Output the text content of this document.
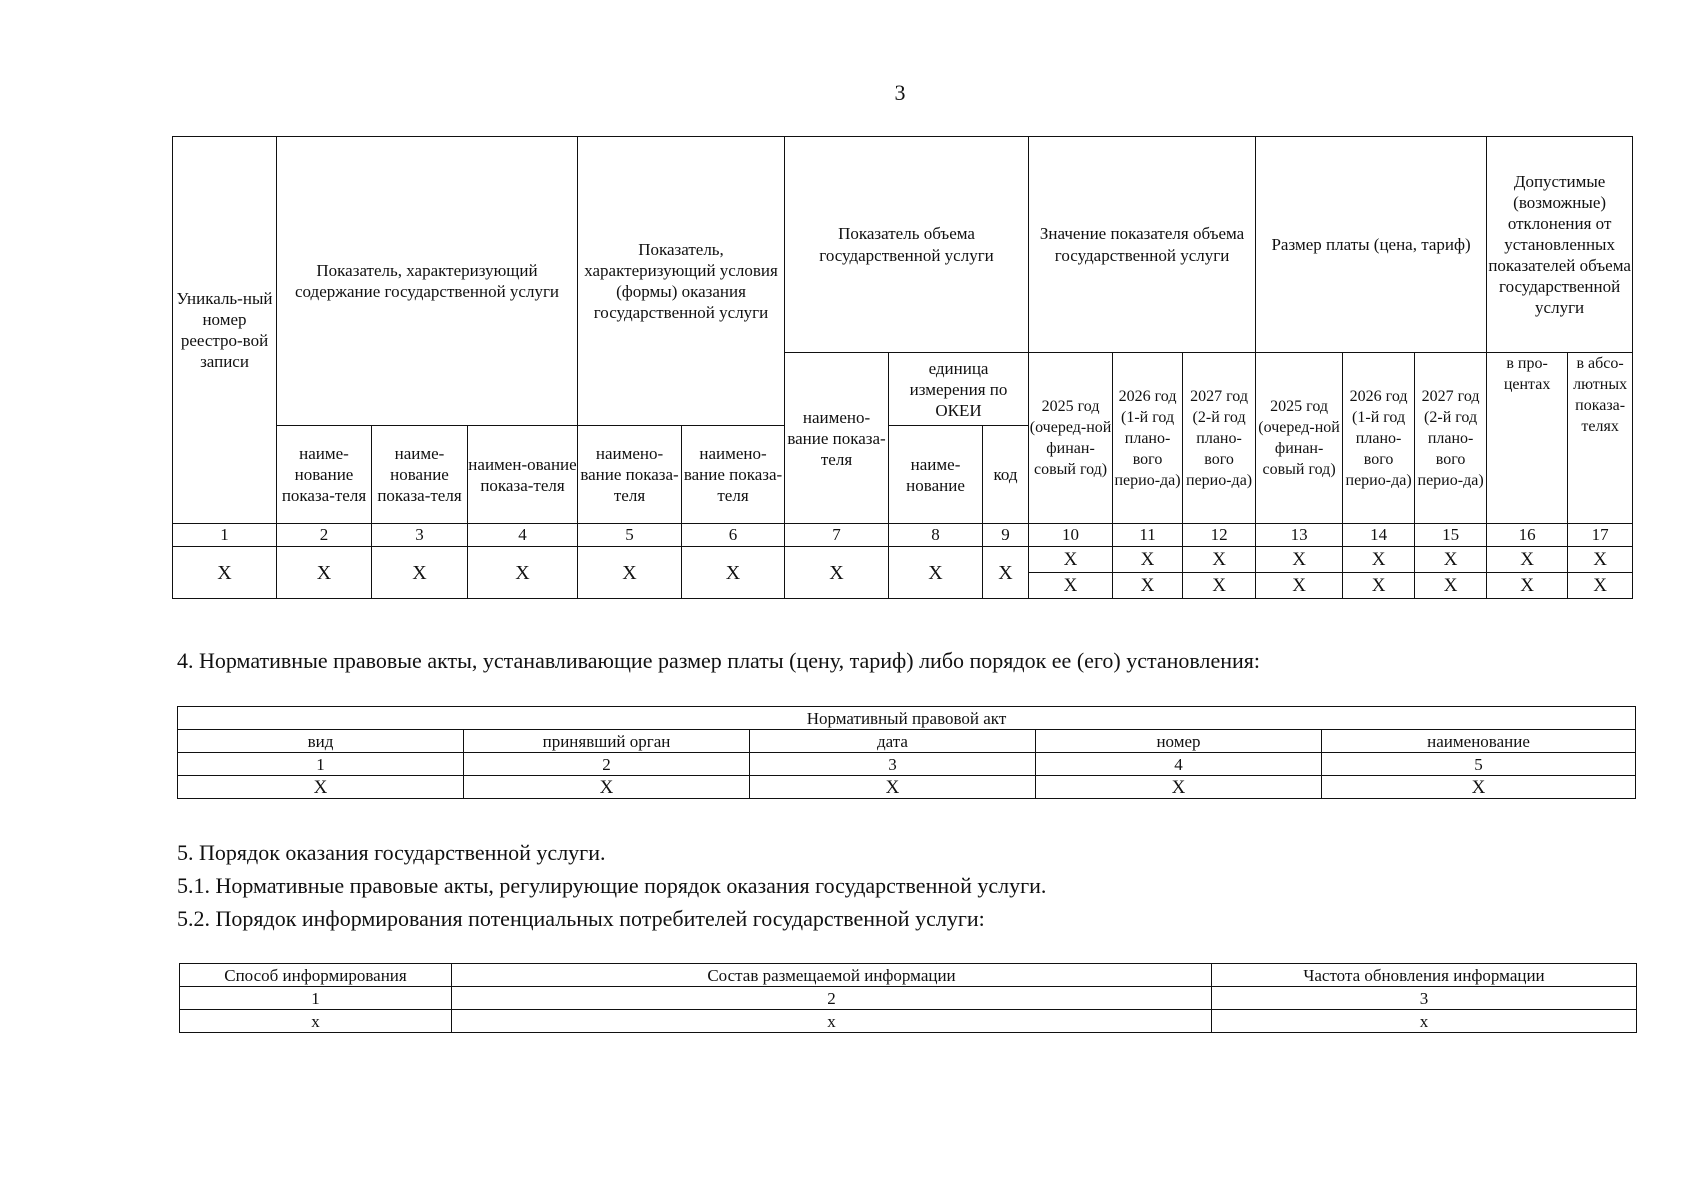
3
Уникаль-ный номер реестро-вой записи	Показатель, характеризующий содержание государственной услуги			Показатель, характеризующий условия (формы) оказания государственной услуги		Показатель объема государственной услуги			Значение показателя объема государственной услуги			Размер платы (цена, тариф)			Допустимые (возможные) отклонения от установленных показателей объема государственной услуги	
						наимено-вание показа-теля	единица измерения по ОКЕИ		2025 год (очеред-ной финан-совый год)	2026 год (1-й год плано-вого перио-да)	2027 год (2-й год плано-вого перио-да)	2025 год (очеред-ной финан-совый год)	2026 год (1-й год плано-вого перио-да)	2027 год (2-й год плано-вого перио-да)	в про-центах	в абсо-лютных показа-телях
	наиме-нование показа-теля	наиме-нование показа-теля	наимен-ование показа-теля	наимено-вание показа-теля	наимено-вание показа-теля		наиме-нование	код								
1	2	3	4	5	6	7	8	9	10	11	12	13	14	15	16	17
X	X	X	X	X	X	X	X	X	X	X	X	X	X	X	X	X
									X	X	X	X	X	X	X	X
4. Нормативные правовые акты, устанавливающие размер платы (цену, тариф) либо порядок ее (его) установления:
Нормативный правовой акт				
вид	принявший орган	дата	номер	наименование
1	2	3	4	5
X	X	X	X	X
5. Порядок оказания государственной услуги.
5.1. Нормативные правовые акты, регулирующие порядок оказания государственной услуги.
5.2. Порядок информирования потенциальных потребителей государственной услуги:
Способ информирования	Состав размещаемой информации	Частота обновления информации
1	2	3
x	x	x
